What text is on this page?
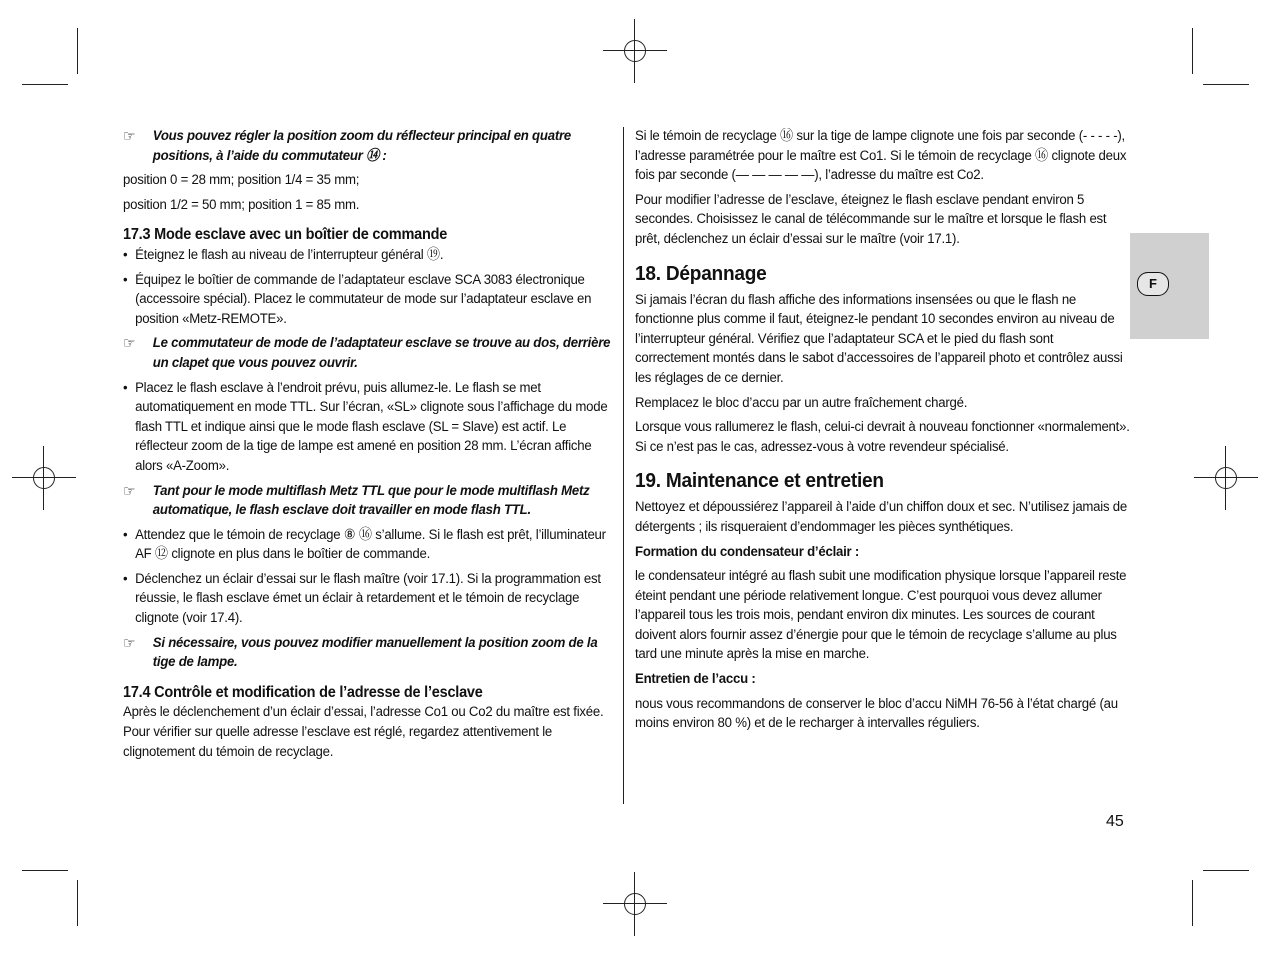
☞	Vous pouvez régler la position zoom du réflecteur principal en quatre positions, à l’aide du commutateur ⑭ :

position 0 = 28 mm; position 1/4 = 35 mm;

position 1/2 = 50 mm; position 1 = 85 mm.

17.3 Mode esclave avec un boîtier de commande
• Éteignez le flash au niveau de l’interrupteur général ⑲.
• Équipez le boîtier de commande de l’adaptateur esclave SCA 3083 électronique (accessoire spécial). Placez le commutateur de mode sur l’adaptateur esclave en position «Metz-REMOTE».
☞	Le commutateur de mode de l’adaptateur esclave se trouve au dos, derrière un clapet que vous pouvez ouvrir.
• Placez le flash esclave à l’endroit prévu, puis allumez-le. Le flash se met automatiquement en mode TTL. Sur l’écran, «SL» clignote sous l’affichage du mode flash TTL et indique ainsi que le mode flash esclave (SL = Slave) est actif. Le réflecteur zoom de la tige de lampe est amené en position 28 mm. L’écran affiche alors «A-Zoom».
☞	Tant pour le mode multiflash Metz TTL que pour le mode multiflash Metz automatique, le flash esclave doit travailler en mode flash TTL.
• Attendez que le témoin de recyclage ⑧ ⑯ s’allume. Si le flash est prêt, l’illuminateur AF ⑫ clignote en plus dans le boîtier de commande.
• Déclenchez un éclair d’essai sur le flash maître (voir 17.1). Si la programmation est réussie, le flash esclave émet un éclair à retardement et le témoin de recyclage clignote (voir 17.4).
☞	Si nécessaire, vous pouvez modifier manuellement la position zoom de la tige de lampe.
17.4 Contrôle et modification de l’adresse de l’esclave

Après le déclenchement d’un éclair d’essai, l’adresse Co1 ou Co2 du maître est fixée. Pour vérifier sur quelle adresse l’esclave est réglé, regardez attentivement le clignotement du témoin de recyclage.

Si le témoin de recyclage ⑯ sur la tige de lampe clignote une fois par seconde (- - - - -), l’adresse paramétrée pour le maître est Co1. Si le témoin de recyclage ⑯ clignote deux fois par seconde (— — — — —), l’adresse du maître est Co2.

Pour modifier l’adresse de l’esclave, éteignez le flash esclave pendant environ 5 secondes. Choisissez le canal de télécommande sur le maître et lorsque le flash est prêt, déclenchez un éclair d’essai sur le maître (voir 17.1).

18. Dépannage

Si jamais l’écran du flash affiche des informations insensées ou que le flash ne fonctionne plus comme il faut, éteignez-le pendant 10 secondes environ au niveau de l’interrupteur général. Vérifiez que l’adaptateur SCA et le pied du flash sont correctement montés dans le sabot d’accessoires de l’appareil photo et contrôlez aussi les réglages de ce dernier.

Remplacez le bloc d’accu par un autre fraîchement chargé.

Lorsque vous rallumerez le flash, celui-ci devrait à nouveau fonctionner «normalement». Si ce n’est pas le cas, adressez-vous à votre revendeur spécialisé.

19. Maintenance et entretien

Nettoyez et dépoussiérez l’appareil à l’aide d’un chiffon doux et sec. N’utilisez jamais de détergents ; ils risqueraient d’endommager les pièces synthétiques.

Formation du condensateur d’éclair :

le condensateur intégré au flash subit une modification physique lorsque l’appareil reste éteint pendant une période relativement longue. C’est pourquoi vous devez allumer l’appareil tous les trois mois, pendant environ dix minutes. Les sources de courant doivent alors fournir assez d’énergie pour que le témoin de recyclage s’allume au plus tard une minute après la mise en marche.

Entretien de l’accu :

nous vous recommandons de conserver le bloc d’accu NiMH 76-56 à l’état chargé (au moins environ 80 %) et de le recharger à intervalles réguliers.

F
45
